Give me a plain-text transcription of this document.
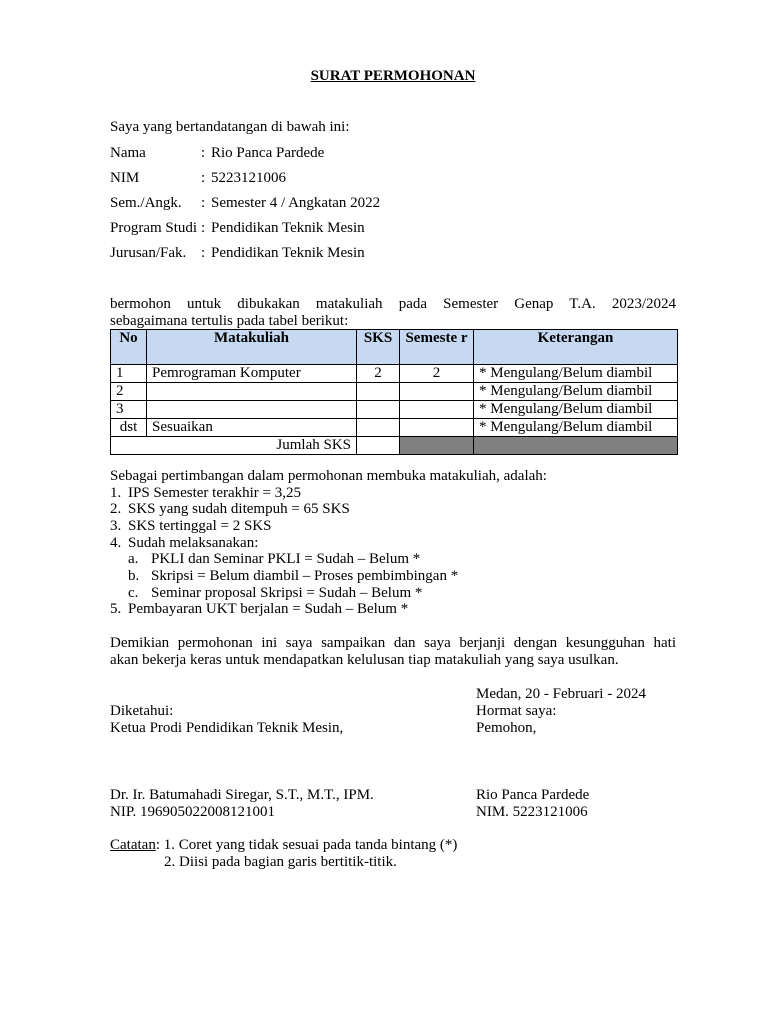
SURAT PERMOHONAN
Saya yang bertandatangan di bawah ini:
Nama	: Rio Panca Pardede
NIM	: 5223121006
Sem./Angk. : Semester 4 / Angkatan 2022
Program Studi : Pendidikan Teknik Mesin
Jurusan/Fak. : Pendidikan Teknik Mesin
bermohon untuk dibukakan matakuliah pada Semester Genap T.A. 2023/2024
sebagaimana tertulis pada tabel berikut:
No	Matakuliah	SKS	Semeste r	Keterangan
1	Pemrograman Komputer	2	2	* Mengulang/Belum diambil
2				* Mengulang/Belum diambil
3				* Mengulang/Belum diambil
dst	Sesuaikan			* Mengulang/Belum diambil
Jumlah SKS				
Sebagai pertimbangan dalam permohonan membuka matakuliah, adalah:
1. IPS Semester terakhir = 3,25
2. SKS yang sudah ditempuh = 65 SKS
3. SKS tertinggal = 2 SKS
4. Sudah melaksanakan:
a. PKLI dan Seminar PKLI = Sudah – Belum *
b. Skripsi = Belum diambil – Proses pembimbingan *
c. Seminar proposal Skripsi = Sudah – Belum *
5. Pembayaran UKT berjalan = Sudah – Belum *
Demikian permohonan ini saya sampaikan dan saya berjanji dengan kesungguhan hati
akan bekerja keras untuk mendapatkan kelulusan tiap matakuliah yang saya usulkan.
Medan, 20 - Februari - 2024
Diketahui:	Hormat saya:
Ketua Prodi Pendidikan Teknik Mesin,	Pemohon,
Dr. Ir. Batumahadi Siregar, S.T., M.T., IPM.	Rio Panca Pardede
NIP. 196905022008121001	NIM. 5223121006
Catatan: 1. Coret yang tidak sesuai pada tanda bintang (*)
2. Diisi pada bagian garis bertitik-titik.
